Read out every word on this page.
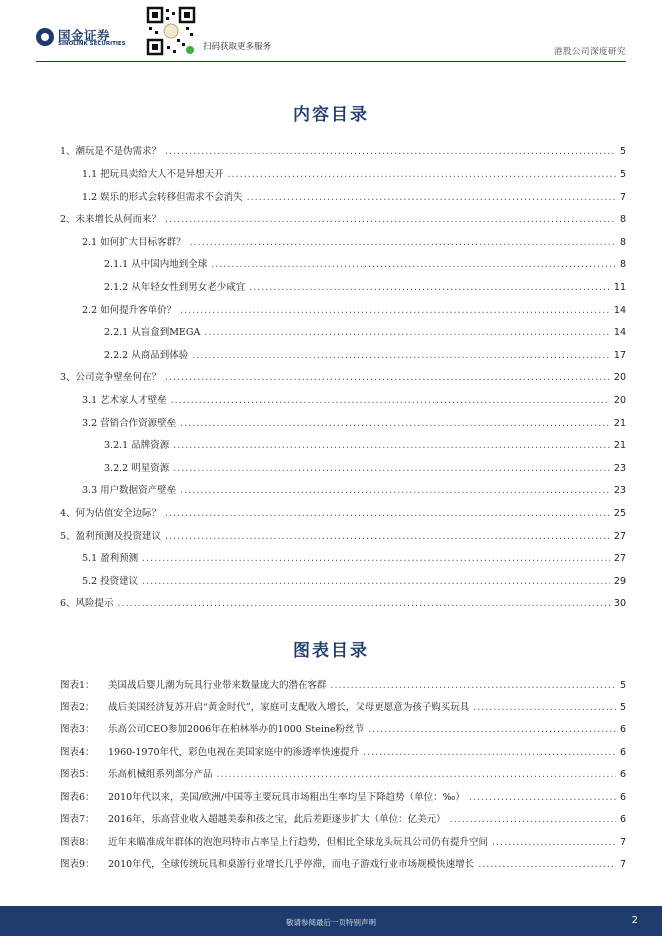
国金证券
SINOLINK SECURITIES	扫码获取更多服务	港股公司深度研究
内容目录
1、潮玩是不是伪需求？ .....	5
1.1 把玩具卖给大人不是异想天开 .....	5
1.2 娱乐的形式会转移但需求不会消失 .....	7
2、未来增长从何而来？ .....	8
2.1 如何扩大目标客群？ .....	8
2.1.1 从中国内地到全球 .....	8
2.1.2 从年轻女性到男女老少咸宜 .....	11
2.2 如何提升客单价？ .....	14
2.2.1 从盲盒到MEGA .....	14
2.2.2 从商品到体验 .....	17
3、公司竞争壁垒何在？ .....	20
3.1 艺术家人才壁垒 .....	20
3.2 营销合作资源壁垒 .....	21
3.2.1 品牌资源 .....	21
3.2.2 明星资源 .....	23
3.3 用户数据资产壁垒 .....	23
4、何为估值安全边际？ .....	25
5、盈利预测及投资建议 .....	27
5.1 盈利预测 .....	27
5.2 投资建议 .....	29
6、风险提示 .....	30
图表目录
图表1：	美国战后婴儿潮为玩具行业带来数量庞大的潜在客群 .....	5
图表2：	战后美国经济复苏开启“黄金时代”，家庭可支配收入增长，父母更愿意为孩子购买玩具 .....	5
图表3：	乐高公司CEO参加2006年在柏林举办的1000 Steine粉丝节 .....	6
图表4：	1960-1970年代，彩色电视在美国家庭中的渗透率快速提升 .....	6
图表5：	乐高机械组系列部分产品 .....	6
图表6：	2010年代以来，美国/欧洲/中国等主要玩具市场粗出生率均呈下降趋势（单位：‰） .....	6
图表7：	2016年，乐高营业收入超越美泰和孩之宝，此后差距逐步扩大（单位：亿美元） .....	6
图表8：	近年来瞄准成年群体的泡泡玛特市占率呈上行趋势，但相比全球龙头玩具公司仍有提升空间 .....	7
图表9：	2010年代，全球传统玩具和桌游行业增长几乎停滞，而电子游戏行业市场规模快速增长 .....	7
敬请参阅最后一页特别声明	2
